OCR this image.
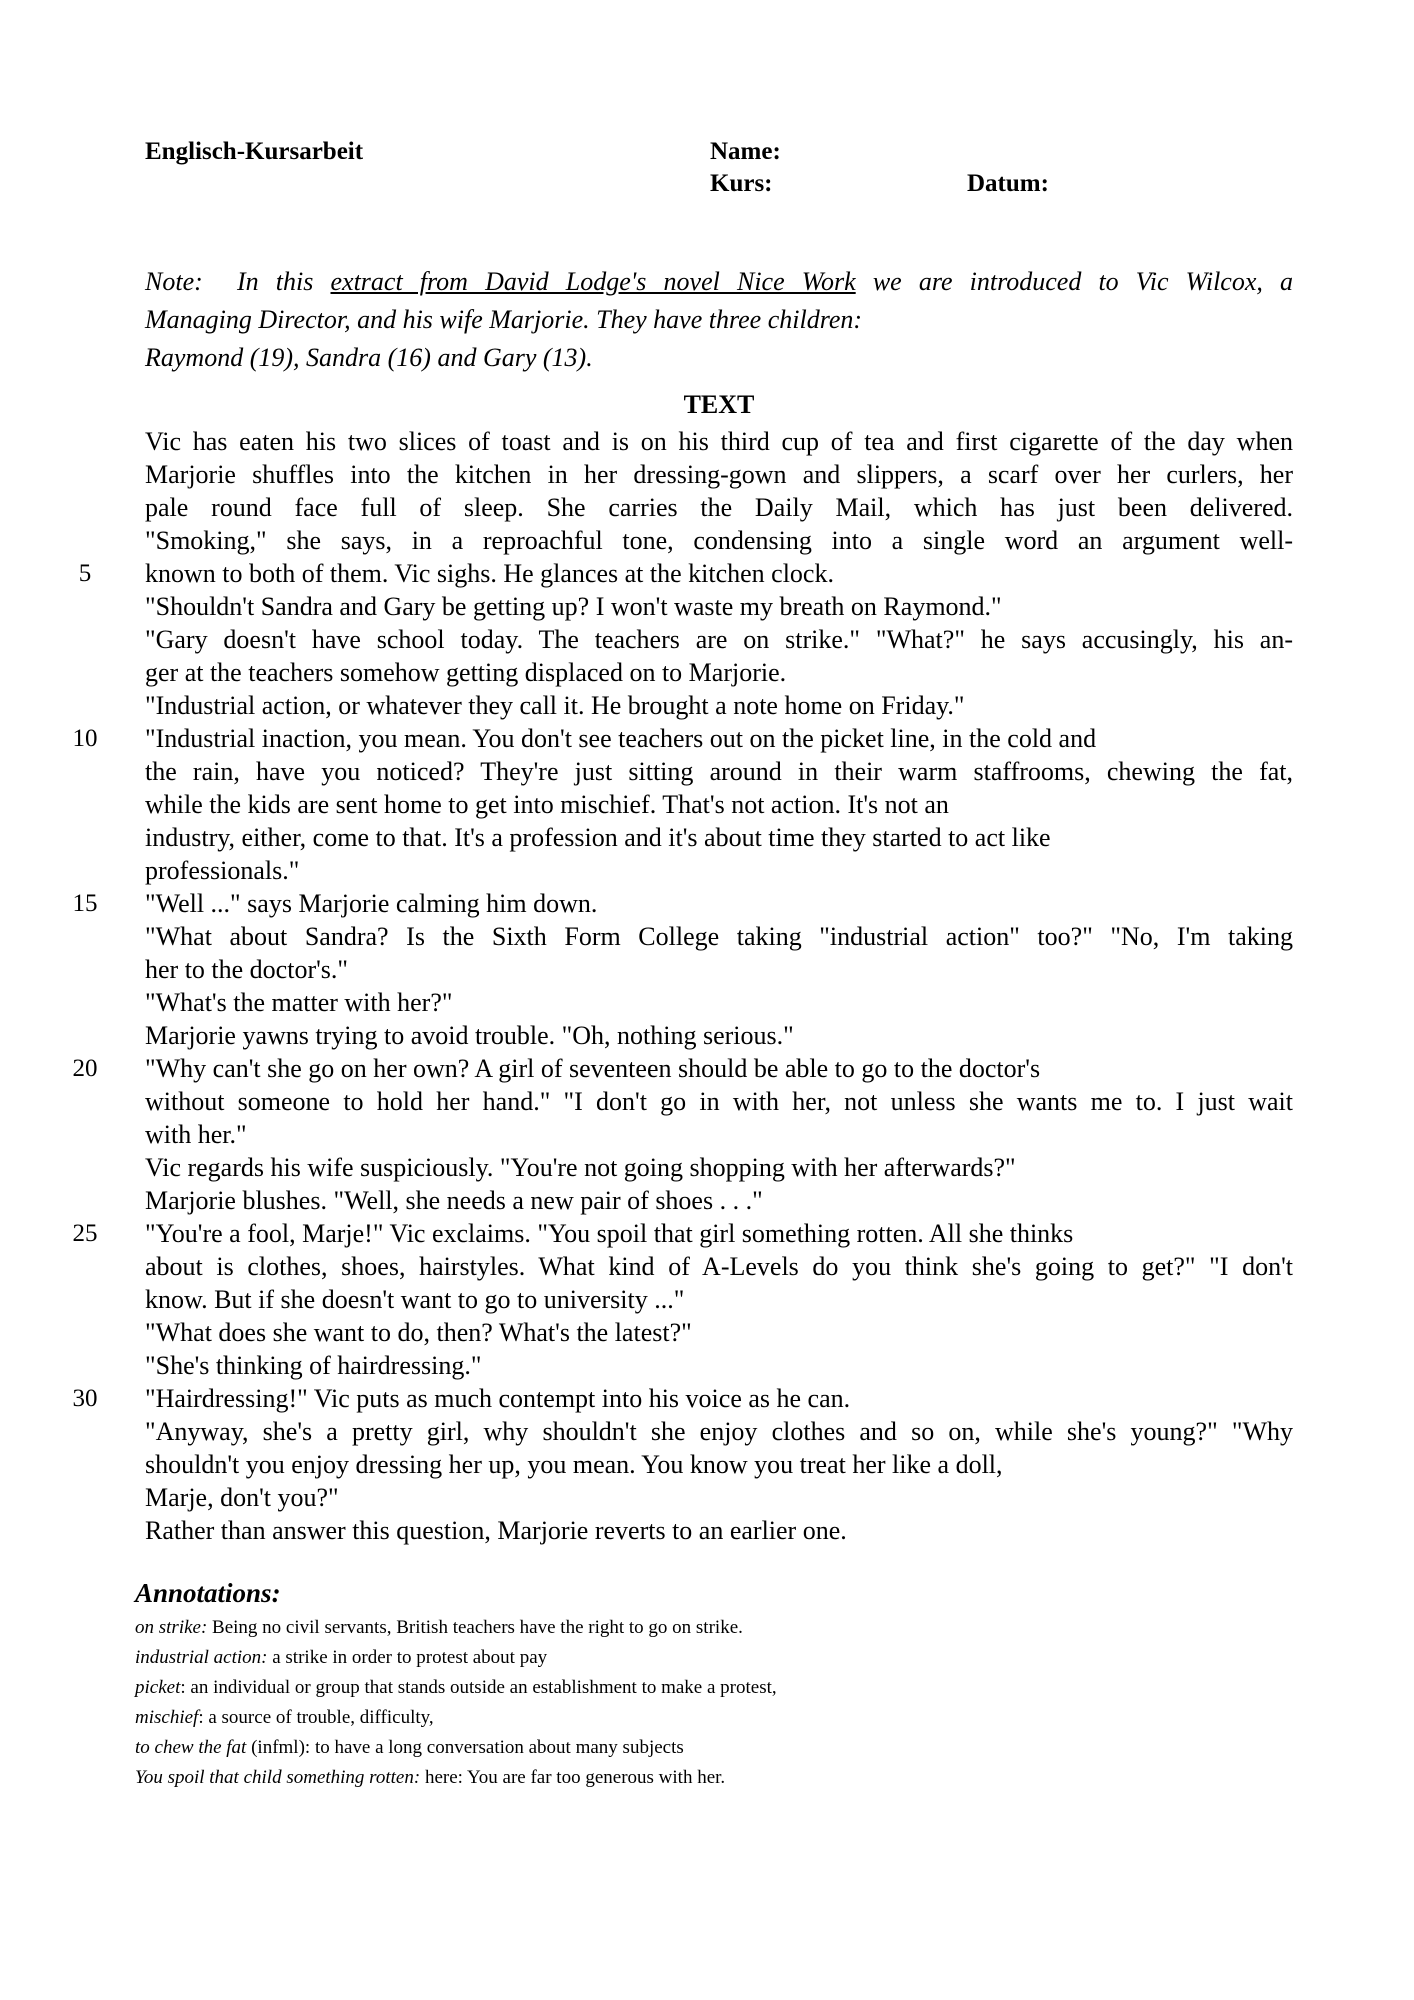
Englisch-Kursarbeit	Name:
Kurs:	Datum:
Note: In this extract from David Lodge's novel Nice Work we are introduced to Vic Wilcox, a
Managing Director, and his wife Marjorie. They have three children:
Raymond (19), Sandra (16) and Gary (13).
TEXT
Vic has eaten his two slices of toast and is on his third cup of tea and first cigarette of the day when
Marjorie shuffles into the kitchen in her dressing-gown and slippers, a scarf over her curlers, her
pale round face full of sleep. She carries the Daily Mail, which has just been delivered.
"Smoking," she says, in a reproachful tone, condensing into a single word an argument well-
5	known to both of them. Vic sighs. He glances at the kitchen clock.
"Shouldn't Sandra and Gary be getting up? I won't waste my breath on Raymond."
"Gary doesn't have school today. The teachers are on strike." "What?" he says accusingly, his an-
ger at the teachers somehow getting displaced on to Marjorie.
"Industrial action, or whatever they call it. He brought a note home on Friday."
10	"Industrial inaction, you mean. You don't see teachers out on the picket line, in the cold and
the rain, have you noticed? They're just sitting around in their warm staffrooms, chewing the fat,
while the kids are sent home to get into mischief. That's not action. It's not an
industry, either, come to that. It's a profession and it's about time they started to act like
professionals."
15	"Well ..." says Marjorie calming him down.
"What about Sandra? Is the Sixth Form College taking "industrial action" too?" "No, I'm taking
her to the doctor's."
"What's the matter with her?"
Marjorie yawns trying to avoid trouble. "Oh, nothing serious."
20	"Why can't she go on her own? A girl of seventeen should be able to go to the doctor's
without someone to hold her hand." "I don't go in with her, not unless she wants me to. I just wait
with her."
Vic regards his wife suspiciously. "You're not going shopping with her afterwards?"
Marjorie blushes. "Well, she needs a new pair of shoes . . ."
25	"You're a fool, Marje!" Vic exclaims. "You spoil that girl something rotten. All she thinks
about is clothes, shoes, hairstyles. What kind of A-Levels do you think she's going to get?" "I don't
know. But if she doesn't want to go to university ..."
"What does she want to do, then? What's the latest?"
"She's thinking of hairdressing."
30	"Hairdressing!" Vic puts as much contempt into his voice as he can.
"Anyway, she's a pretty girl, why shouldn't she enjoy clothes and so on, while she's young?" "Why
shouldn't you enjoy dressing her up, you mean. You know you treat her like a doll,
Marje, don't you?"
Rather than answer this question, Marjorie reverts to an earlier one.
Annotations:
on strike: Being no civil servants, British teachers have the right to go on strike.
industrial action: a strike in order to protest about pay
picket: an individual or group that stands outside an establishment to make a protest,
mischief: a source of trouble, difficulty,
to chew the fat (infml): to have a long conversation about many subjects
You spoil that child something rotten: here: You are far too generous with her.
